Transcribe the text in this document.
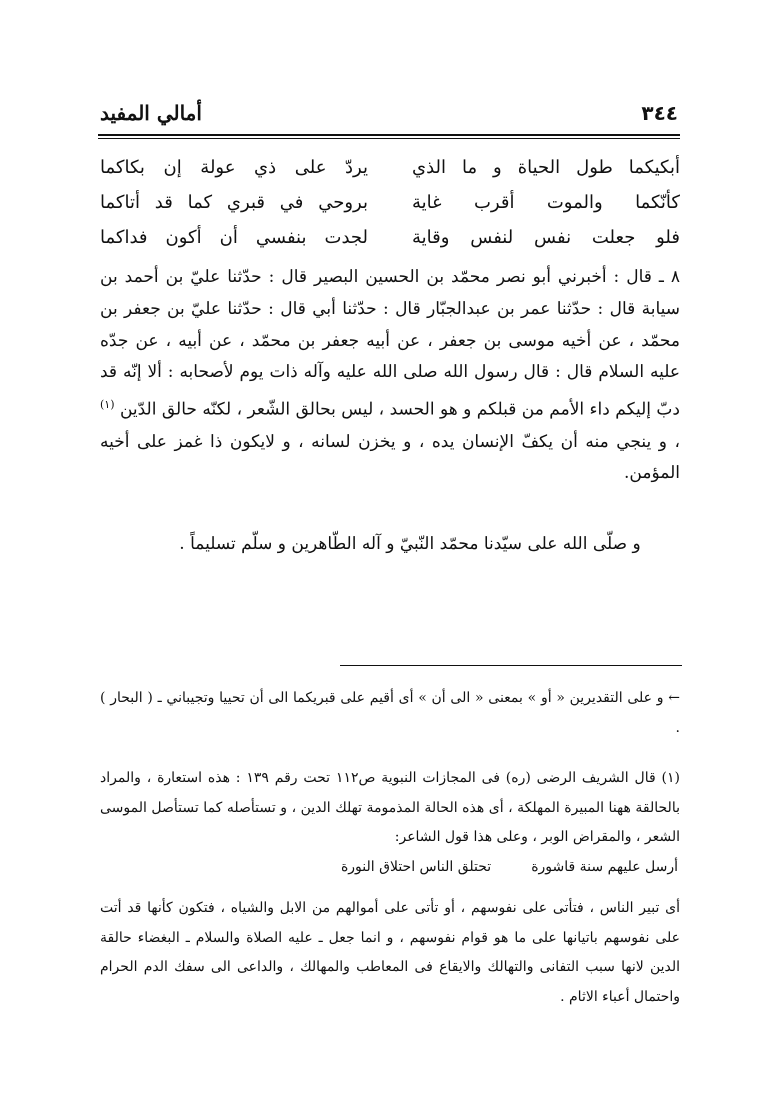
٣٤٤
أمالي المفيد
أبكيكما طول الحياة و ما الذي
يردّ على ذي عولة إن بكاكما
كأنّكما والموت أقرب غاية
بروحي في قبري كما قد أتاكما
فلو جعلت نفس لنفس وقاية
لجدت بنفسي أن أكون فداكما

٨ ـ قال : أخبرني أبو نصر محمّد بن الحسين البصير قال : حدّثنا عليّ بن أحمد بن سيابة قال : حدّثنا عمر بن عبدالجبّار قال : حدّثنا أبي قال : حدّثنا عليّ بن جعفر بن محمّد ، عن أخيه موسى بن جعفر ، عن أبيه جعفر بن محمّد ، عن أبيه ، عن جدّه عليه السلام قال : قال رسول الله صلى الله عليه وآله ذات يوم لأصحابه : ألا إنّه قد دبّ إليكم داء الأمم من قبلكم و هو الحسد ، ليس بحالق الشّعر ، لكنّه حالق الدّين $^{(١)}$ ، و ينجي منه أن يكفّ الإنسان يده ، و يخزن لسانه ، و لايكون ذا غمز على أخيه المؤمن.

و صلّى الله على سيّدنا محمّد النّبيّ و آله الطّاهرين و سلّم تسليماً .

← و على التقديرين « أو » بمعنى « الى أن » أى أقيم على قبريكما الى أن تحييا وتجيباني ـ ( البحار ) .

(١) قال الشريف الرضى (ره) فى المجازات النبوية ص١١٢ تحت رقم ١٣٩ : هذه استعارة ، والمراد بالحالقة ههنا المبيرة المهلكة ، أى هذه الحالة المذمومة تهلك الدين ، و تستأصله كما تستأصل الموسى الشعر ، والمقراض الوبر ، وعلى هذا قول الشاعر:

أرسل عليهم سنة قاشورة
تحتلق الناس احتلاق النورة

أى تبير الناس ، فتأتى على نفوسهم ، أو تأتى على أموالهم من الابل والشياه ، فتكون كأنها قد أتت على نفوسهم باتيانها على ما هو قوام نفوسهم ، و انما جعل ـ عليه الصلاة والسلام ـ البغضاء حالقة الدين لانها سبب التفانى والتهالك والايقاع فى المعاطب والمهالك ، والداعى الى سفك الدم الحرام واحتمال أعباء الاثام .
